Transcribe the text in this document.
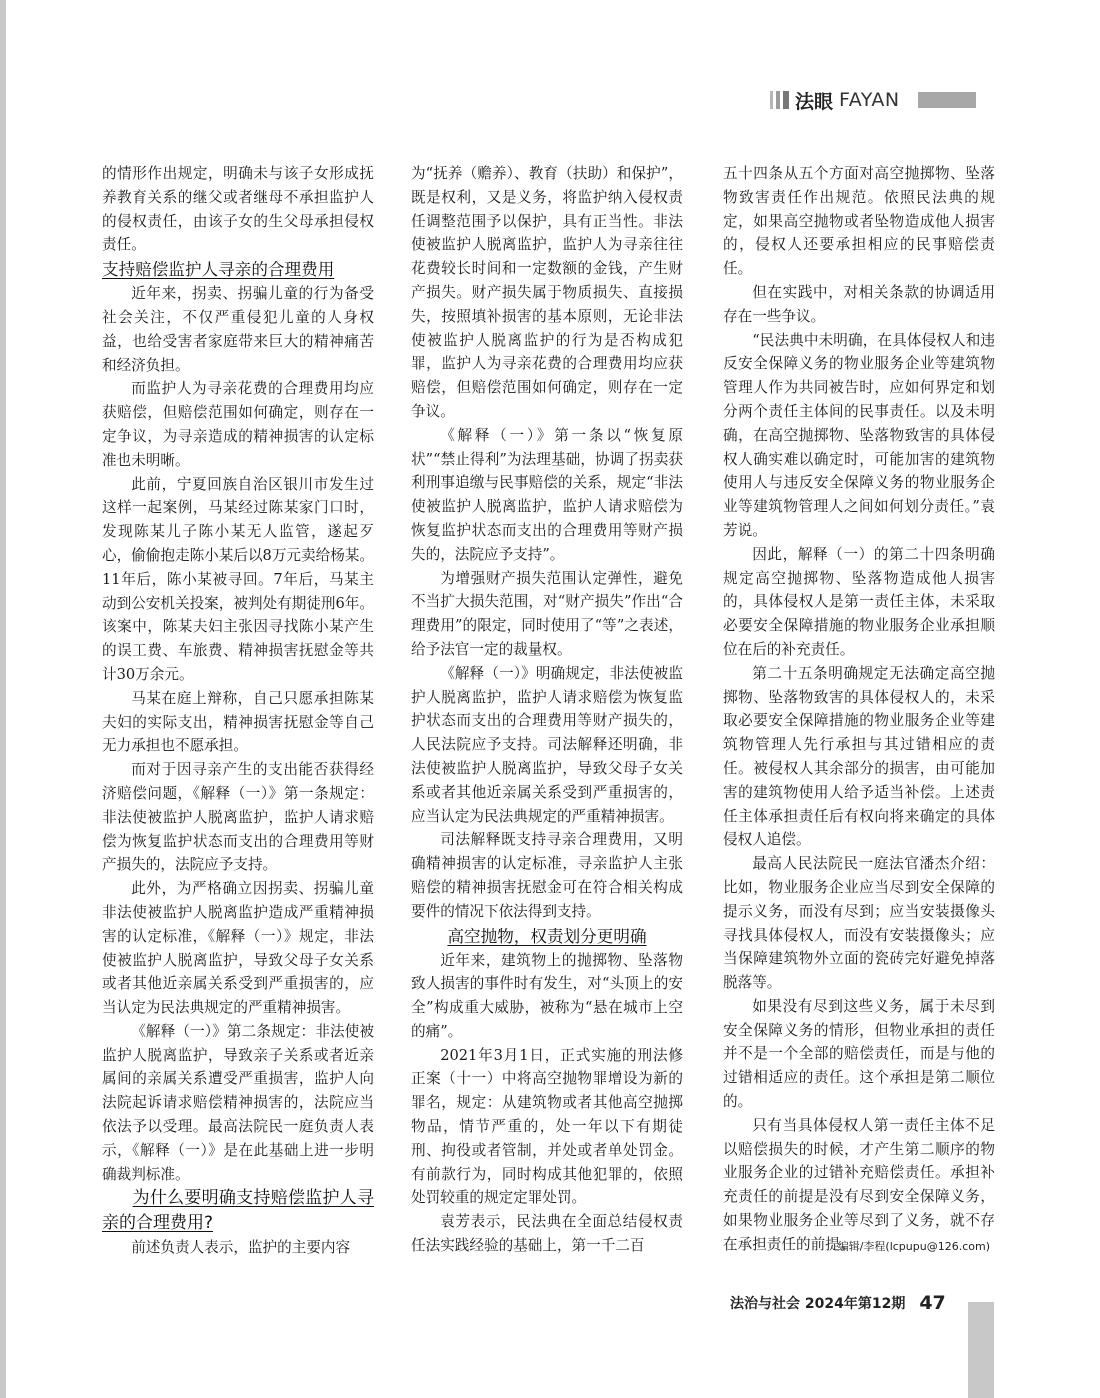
法眼 FAYAN

的情形作出规定，明确未与该子女形成抚养教育关系的继父或者继母不承担监护人的侵权责任，由该子女的生父母承担侵权责任。

支持赔偿监护人寻亲的合理费用

近年来，拐卖、拐骗儿童的行为备受社会关注，不仅严重侵犯儿童的人身权益，也给受害者家庭带来巨大的精神痛苦和经济负担。

而监护人为寻亲花费的合理费用均应获赔偿，但赔偿范围如何确定，则存在一定争议，为寻亲造成的精神损害的认定标准也未明晰。

此前，宁夏回族自治区银川市发生过这样一起案例，马某经过陈某家门口时，发现陈某儿子陈小某无人监管，遂起歹心，偷偷抱走陈小某后以8万元卖给杨某。11年后，陈小某被寻回。7年后，马某主动到公安机关投案，被判处有期徒刑6年。该案中，陈某夫妇主张因寻找陈小某产生的误工费、车旅费、精神损害抚慰金等共计30万余元。

马某在庭上辩称，自己只愿承担陈某夫妇的实际支出，精神损害抚慰金等自己无力承担也不愿承担。

而对于因寻亲产生的支出能否获得经济赔偿问题，《解释（一）》第一条规定：非法使被监护人脱离监护，监护人请求赔偿为恢复监护状态而支出的合理费用等财产损失的，法院应予支持。

此外，为严格确立因拐卖、拐骗儿童非法使被监护人脱离监护造成严重精神损害的认定标准，《解释（一）》规定，非法使被监护人脱离监护，导致父母子女关系或者其他近亲属关系受到严重损害的，应当认定为民法典规定的严重精神损害。

《解释（一）》第二条规定：非法使被监护人脱离监护，导致亲子关系或者近亲属间的亲属关系遭受严重损害，监护人向法院起诉请求赔偿精神损害的，法院应当依法予以受理。最高法院民一庭负责人表示，《解释（一）》是在此基础上进一步明确裁判标准。

为什么要明确支持赔偿监护人寻亲的合理费用?

前述负责人表示，监护的主要内容

为“抚养（赡养）、教育（扶助）和保护”，既是权利，又是义务，将监护纳入侵权责任调整范围予以保护，具有正当性。非法使被监护人脱离监护，监护人为寻亲往往花费较长时间和一定数额的金钱，产生财产损失。财产损失属于物质损失、直接损失，按照填补损害的基本原则，无论非法使被监护人脱离监护的行为是否构成犯罪，监护人为寻亲花费的合理费用均应获赔偿，但赔偿范围如何确定，则存在一定争议。

《解释（一）》第一条以“恢复原状”“禁止得利”为法理基础，协调了拐卖获利刑事追缴与民事赔偿的关系，规定“非法使被监护人脱离监护，监护人请求赔偿为恢复监护状态而支出的合理费用等财产损失的，法院应予支持”。

为增强财产损失范围认定弹性，避免不当扩大损失范围，对“财产损失”作出“合理费用”的限定，同时使用了“等”之表述，给予法官一定的裁量权。

《解释（一）》明确规定，非法使被监护人脱离监护，监护人请求赔偿为恢复监护状态而支出的合理费用等财产损失的，人民法院应予支持。司法解释还明确，非法使被监护人脱离监护，导致父母子女关系或者其他近亲属关系受到严重损害的，应当认定为民法典规定的严重精神损害。

司法解释既支持寻亲合理费用，又明确精神损害的认定标准，寻亲监护人主张赔偿的精神损害抚慰金可在符合相关构成要件的情况下依法得到支持。

高空抛物，权责划分更明确

近年来，建筑物上的抛掷物、坠落物致人损害的事件时有发生，对“头顶上的安全”构成重大威胁，被称为“悬在城市上空的痛”。

2021年3月1日，正式实施的刑法修正案（十一）中将高空抛物罪增设为新的罪名，规定：从建筑物或者其他高空抛掷物品，情节严重的，处一年以下有期徒刑、拘役或者管制，并处或者单处罚金。有前款行为，同时构成其他犯罪的，依照处罚较重的规定定罪处罚。

袁芳表示，民法典在全面总结侵权责任法实践经验的基础上，第一千二百

五十四条从五个方面对高空抛掷物、坠落物致害责任作出规范。依照民法典的规定，如果高空抛物或者坠物造成他人损害的，侵权人还要承担相应的民事赔偿责任。

但在实践中，对相关条款的协调适用存在一些争议。

“民法典中未明确，在具体侵权人和违反安全保障义务的物业服务企业等建筑物管理人作为共同被告时，应如何界定和划分两个责任主体间的民事责任。以及未明确，在高空抛掷物、坠落物致害的具体侵权人确实难以确定时，可能加害的建筑物使用人与违反安全保障义务的物业服务企业等建筑物管理人之间如何划分责任。”袁芳说。

因此，解释（一）的第二十四条明确规定高空抛掷物、坠落物造成他人损害的，具体侵权人是第一责任主体，未采取必要安全保障措施的物业服务企业承担顺位在后的补充责任。

第二十五条明确规定无法确定高空抛掷物、坠落物致害的具体侵权人的，未采取必要安全保障措施的物业服务企业等建筑物管理人先行承担与其过错相应的责任。被侵权人其余部分的损害，由可能加害的建筑物使用人给予适当补偿。上述责任主体承担责任后有权向将来确定的具体侵权人追偿。

最高人民法院民一庭法官潘杰介绍：比如，物业服务企业应当尽到安全保障的提示义务，而没有尽到；应当安装摄像头寻找具体侵权人，而没有安装摄像头；应当保障建筑物外立面的瓷砖完好避免掉落脱落等。

如果没有尽到这些义务，属于未尽到安全保障义务的情形，但物业承担的责任并不是一个全部的赔偿责任，而是与他的过错相适应的责任。这个承担是第二顺位的。

只有当具体侵权人第一责任主体不足以赔偿损失的时候，才产生第二顺序的物业服务企业的过错补充赔偿责任。承担补充责任的前提是没有尽到安全保障义务，如果物业服务企业等尽到了义务，就不存在承担责任的前提。

编辑/李程(lcpupu@126.com)
法治与社会 2024年第12期 47
